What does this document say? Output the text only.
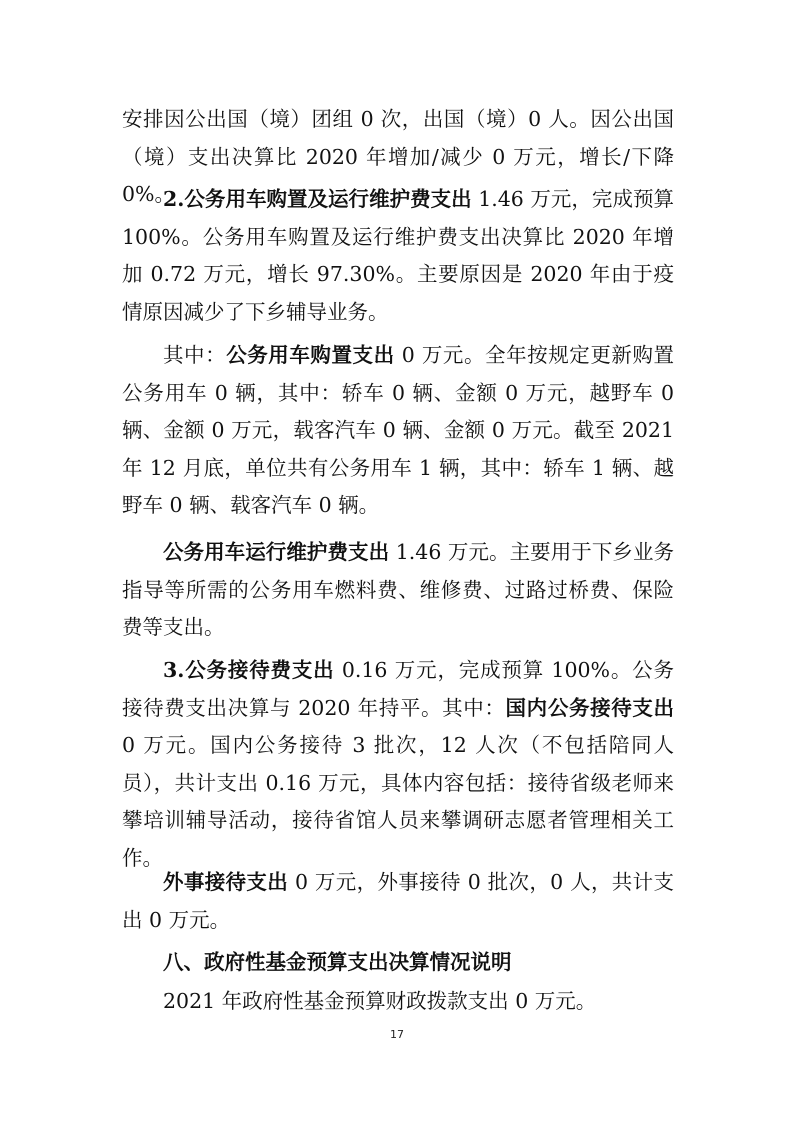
安排因公出国（境）团组 0 次，出国（境）0 人。因公出国（境）支出决算比 2020 年增加/减少 0 万元，增长/下降 0%。

2.公务用车购置及运行维护费支出 1.46 万元，完成预算 100%。公务用车购置及运行维护费支出决算比 2020 年增加 0.72 万元，增长 97.30%。主要原因是 2020 年由于疫情原因减少了下乡辅导业务。

其中：公务用车购置支出 0 万元。全年按规定更新购置公务用车 0 辆，其中：轿车 0 辆、金额 0 万元，越野车 0 辆、金额 0 万元，载客汽车 0 辆、金额 0 万元。截至 2021 年 12 月底，单位共有公务用车 1 辆，其中：轿车 1 辆、越野车 0 辆、载客汽车 0 辆。

公务用车运行维护费支出 1.46 万元。主要用于下乡业务指导等所需的公务用车燃料费、维修费、过路过桥费、保险费等支出。

3.公务接待费支出 0.16 万元，完成预算 100%。公务接待费支出决算与 2020 年持平。其中：国内公务接待支出 0 万元。国内公务接待 3 批次，12 人次（不包括陪同人员），共计支出 0.16 万元，具体内容包括：接待省级老师来攀培训辅导活动，接待省馆人员来攀调研志愿者管理相关工作。

外事接待支出 0 万元，外事接待 0 批次，0 人，共计支出 0 万元。

八、政府性基金预算支出决算情况说明

2021 年政府性基金预算财政拨款支出 0 万元。

17
